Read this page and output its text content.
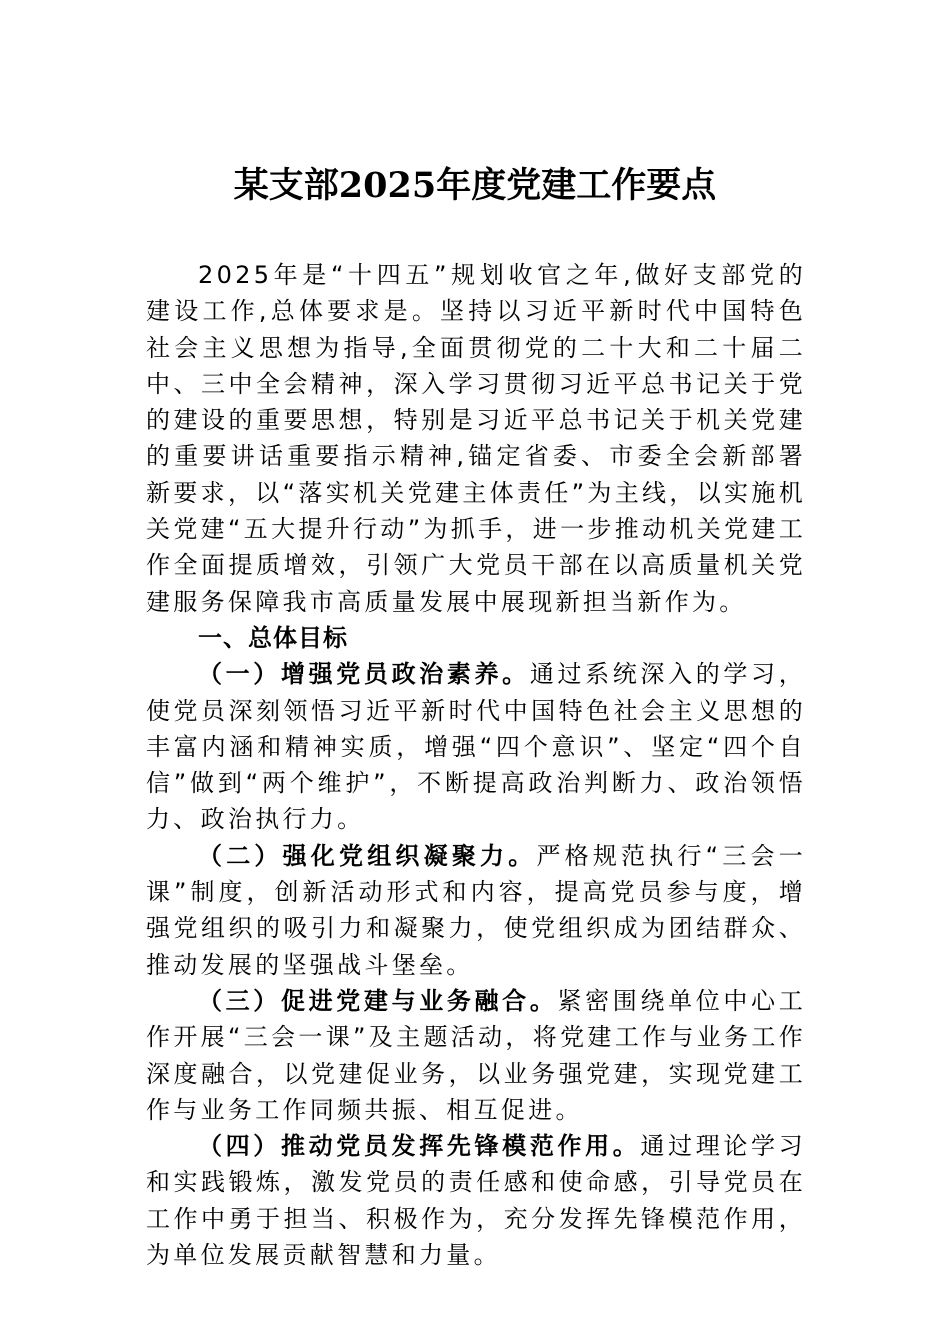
某支部2025年度党建工作要点

2025年是“十四五”规划收官之年,做好支部党的建设工作,总体要求是。坚持以习近平新时代中国特色社会主义思想为指导,全面贯彻党的二十大和二十届二中、三中全会精神，深入学习贯彻习近平总书记关于党的建设的重要思想，特别是习近平总书记关于机关党建的重要讲话重要指示精神,锚定省委、市委全会新部署新要求，以“落实机关党建主体责任”为主线，以实施机关党建“五大提升行动”为抓手，进一步推动机关党建工作全面提质增效，引领广大党员干部在以高质量机关党建服务保障我市高质量发展中展现新担当新作为。

一、总体目标

（一）增强党员政治素养。通过系统深入的学习，使党员深刻领悟习近平新时代中国特色社会主义思想的丰富内涵和精神实质，增强“四个意识”、坚定“四个自信”做到“两个维护”，不断提高政治判断力、政治领悟力、政治执行力。

（二）强化党组织凝聚力。严格规范执行“三会一课”制度，创新活动形式和内容，提高党员参与度，增强党组织的吸引力和凝聚力，使党组织成为团结群众、推动发展的坚强战斗堡垒。

（三）促进党建与业务融合。紧密围绕单位中心工作开展“三会一课”及主题活动，将党建工作与业务工作深度融合，以党建促业务，以业务强党建，实现党建工作与业务工作同频共振、相互促进。

（四）推动党员发挥先锋模范作用。通过理论学习和实践锻炼，激发党员的责任感和使命感，引导党员在工作中勇于担当、积极作为，充分发挥先锋模范作用，为单位发展贡献智慧和力量。
